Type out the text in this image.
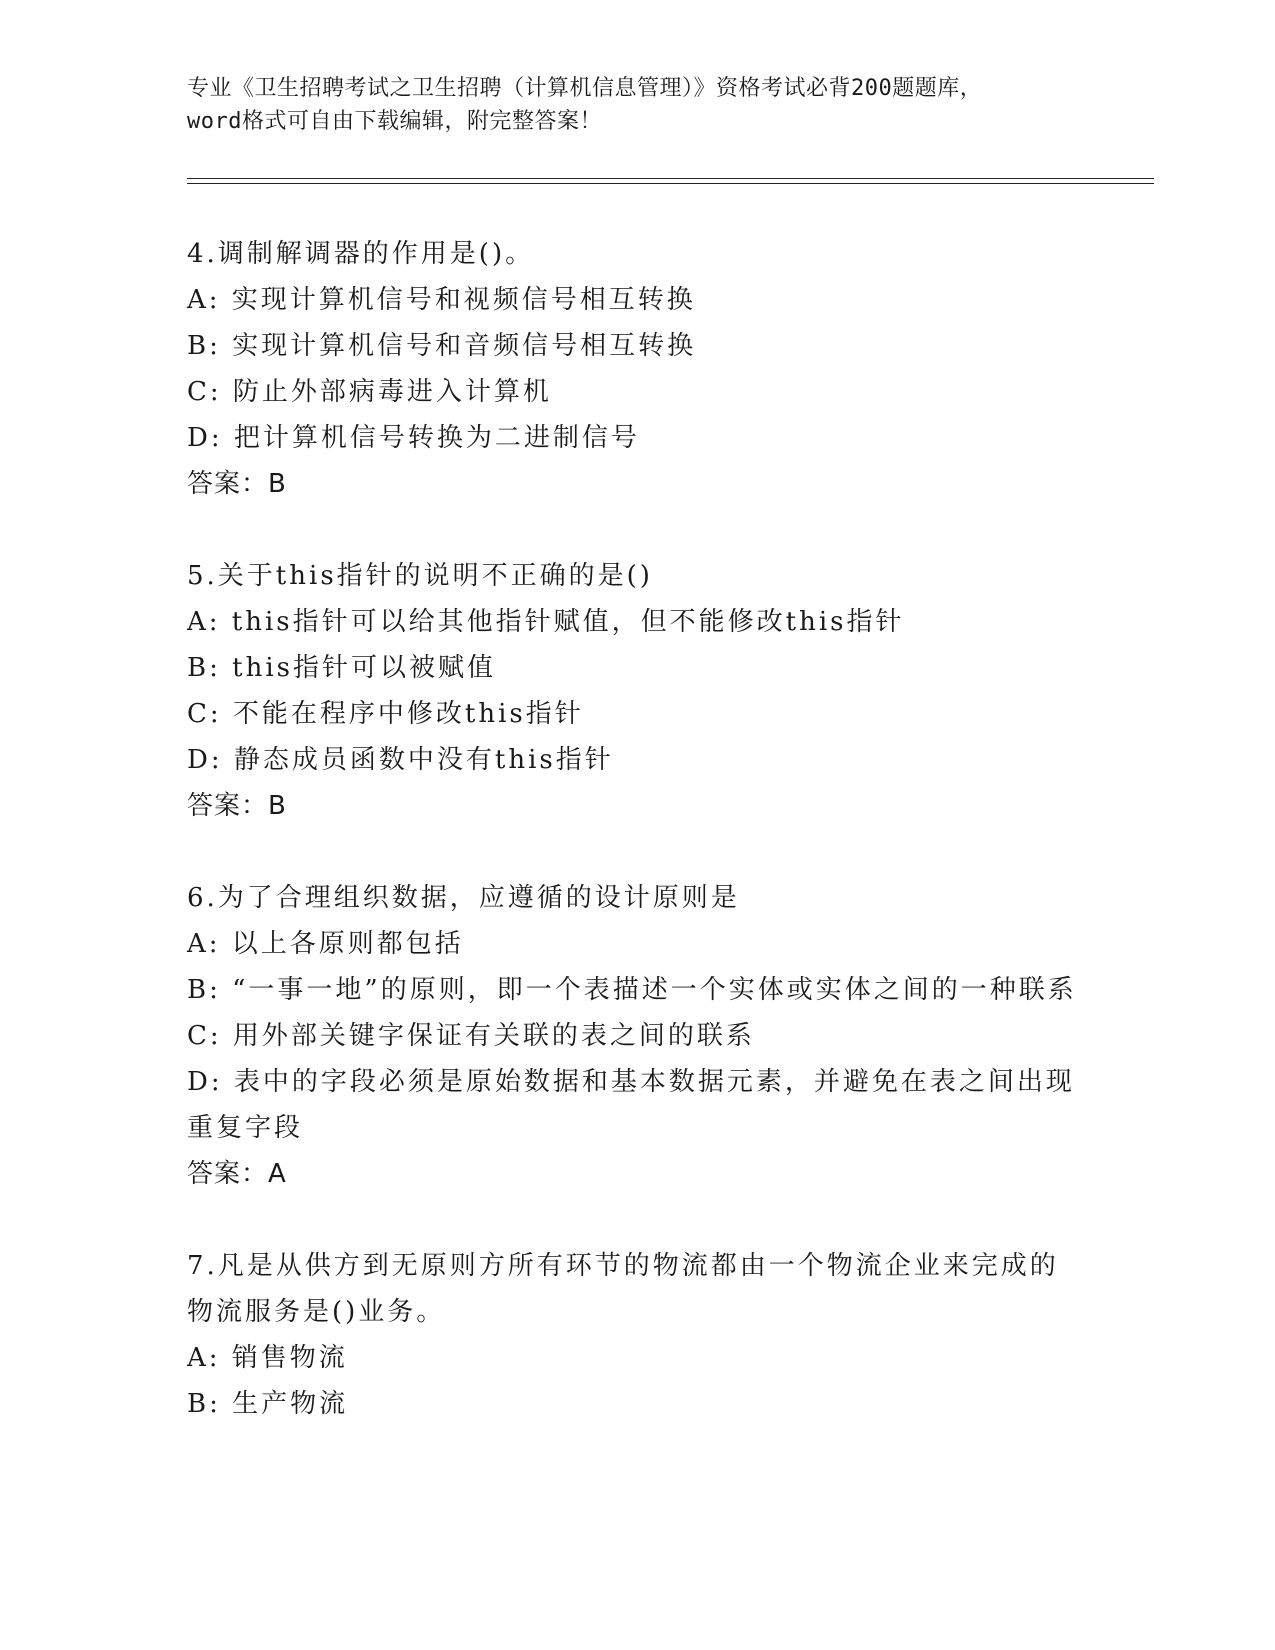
专业《卫生招聘考试之卫生招聘（计算机信息管理）》资格考试必背200题题库，
word格式可自由下载编辑，附完整答案！
4.调制解调器的作用是()。
A: 实现计算机信号和视频信号相互转换
B: 实现计算机信号和音频信号相互转换
C: 防止外部病毒进入计算机
D: 把计算机信号转换为二进制信号
答案：B
5.关于this指针的说明不正确的是()
A: this指针可以给其他指针赋值，但不能修改this指针
B: this指针可以被赋值
C: 不能在程序中修改this指针
D: 静态成员函数中没有this指针
答案：B
6.为了合理组织数据，应遵循的设计原则是
A: 以上各原则都包括
B: “一事一地”的原则，即一个表描述一个实体或实体之间的一种联系
C: 用外部关键字保证有关联的表之间的联系
D: 表中的字段必须是原始数据和基本数据元素，并避免在表之间出现重复字段
答案：A
7.凡是从供方到无原则方所有环节的物流都由一个物流企业来完成的物流服务是()业务。
A: 销售物流
B: 生产物流
